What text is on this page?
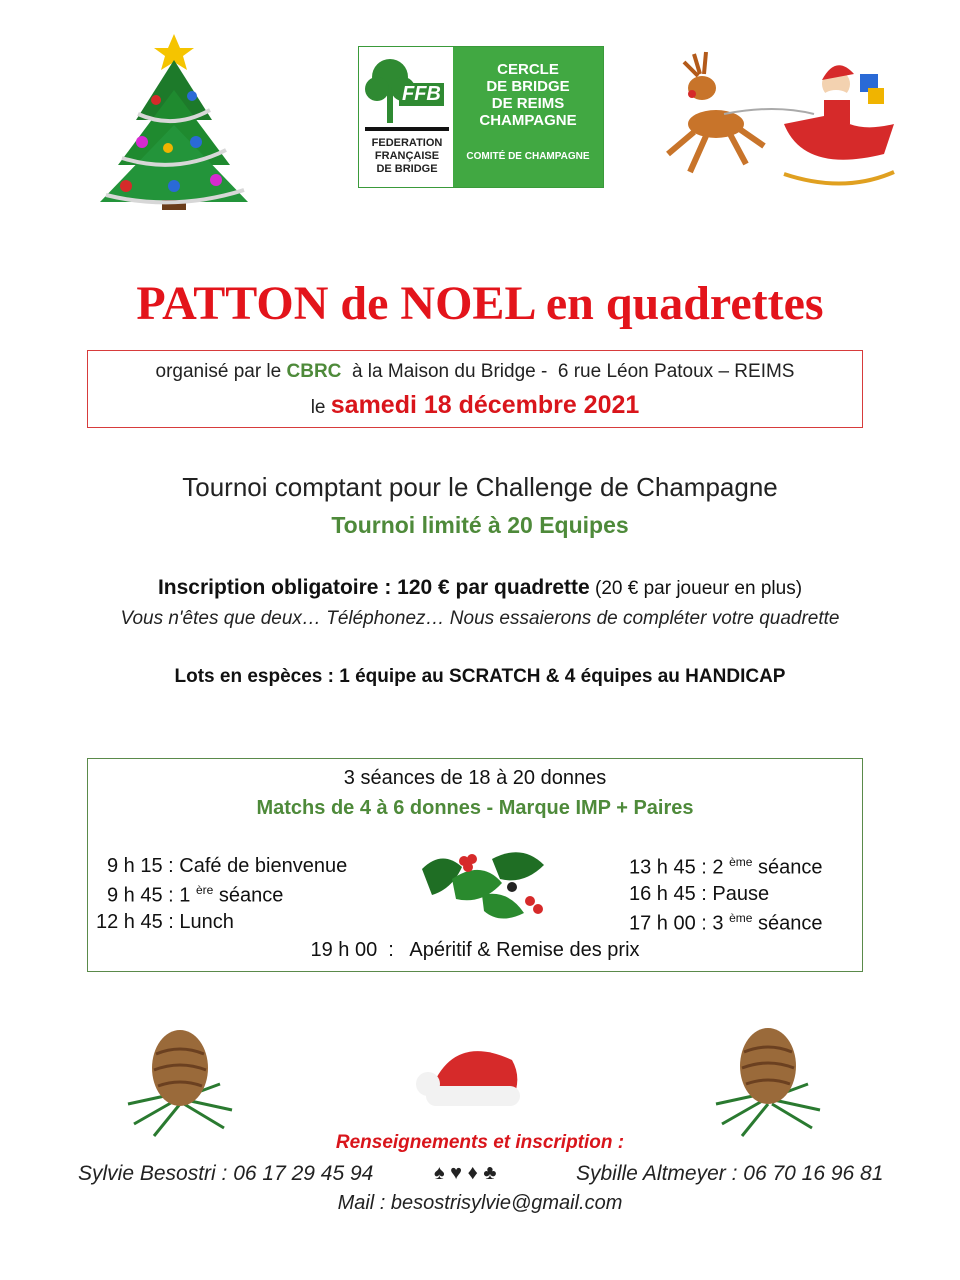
FFB
FEDERATION
FRANÇAISE
DE BRIDGE
CERCLE
DE BRIDGE
DE REIMS
CHAMPAGNE
COMITÉ DE CHAMPAGNE
PATTON de NOEL en quadrettes
organisé par le CBRC  à la Maison du Bridge -  6 rue Léon Patoux – REIMS
le samedi 18 décembre 2021
Tournoi comptant pour le Challenge de Champagne
Tournoi limité à 20 Equipes
Inscription obligatoire : 120 € par quadrette (20 € par joueur en plus)
Vous n'êtes que deux… Téléphonez… Nous essaierons de compléter votre quadrette
Lots en espèces : 1 équipe au SCRATCH & 4 équipes au HANDICAP
3 séances de 18 à 20 donnes
Matchs de 4 à 6 donnes - Marque IMP + Paires
9 h 15 : Café de bienvenue
9 h 45 : 1 $^{ère}$ séance
12 h 45 : Lunch
13 h 45 : 2 $^{ème}$ séance
16 h 45 : Pause
17 h 00 : 3 $^{ème}$ séance
19 h 00  :   Apéritif & Remise des prix
Renseignements et inscription :
Sylvie Besostri : 06 17 29 45 94	♠ ♥ ♦ ♣	Sybille Altmeyer : 06 70 16 96 81
Mail : besostrisylvie@gmail.com
